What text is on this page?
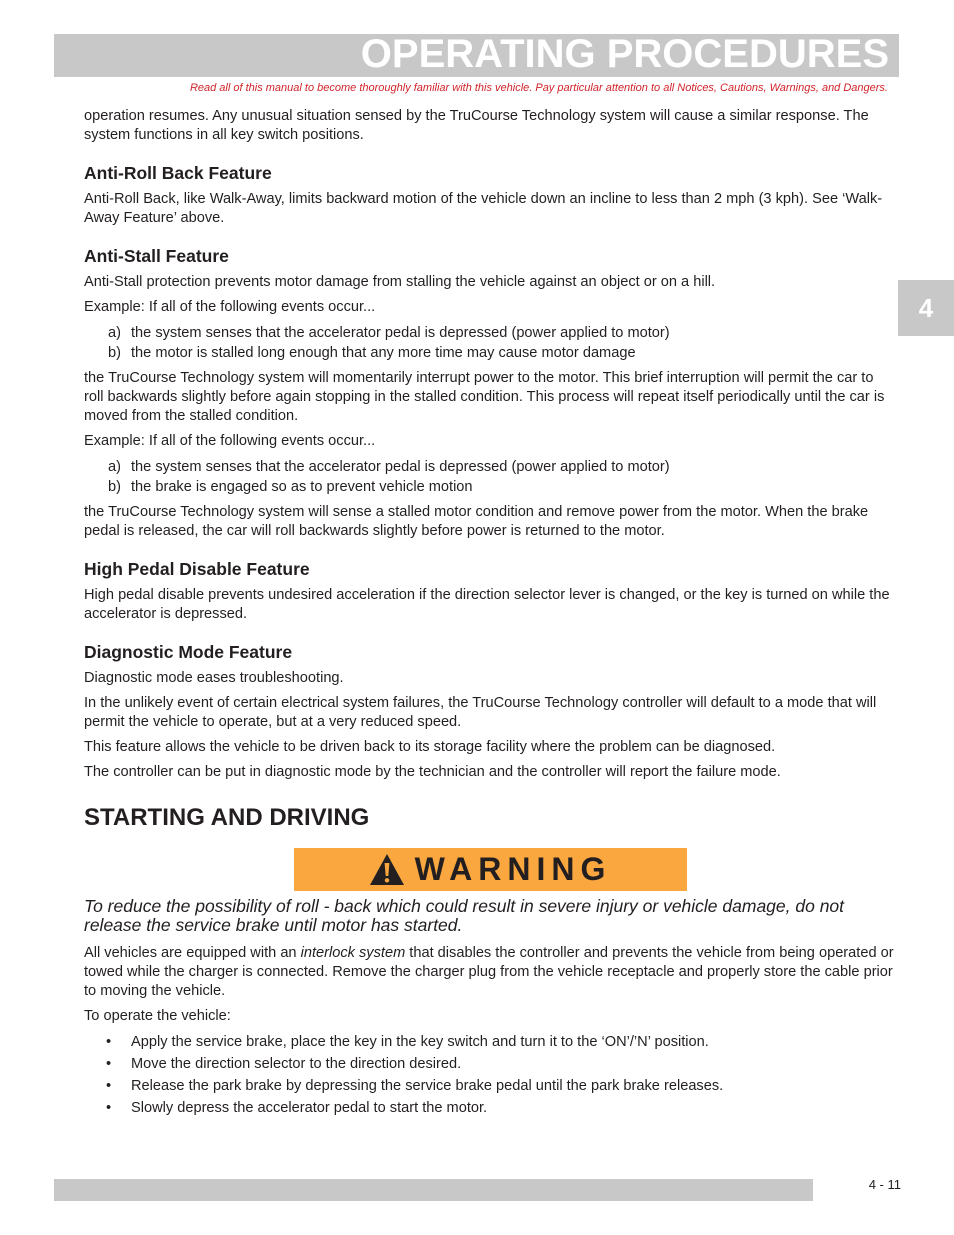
OPERATING PROCEDURES
Read all of this manual to become thoroughly familiar with this vehicle. Pay particular attention to all Notices, Cautions, Warnings, and Dangers.
4

operation resumes. Any unusual situation sensed by the TruCourse Technology system will cause a similar response. The system functions in all key switch positions.

Anti-Roll Back Feature

Anti-Roll Back, like Walk-Away, limits backward motion of the vehicle down an incline to less than 2 mph (3 kph). See ‘Walk-Away Feature’ above.

Anti-Stall Feature

Anti-Stall protection prevents motor damage from stalling the vehicle against an object or on a hill.

Example: If all of the following events occur...

a) the system senses that the accelerator pedal is depressed (power applied to motor)
b) the motor is stalled long enough that any more time may cause motor damage

the TruCourse Technology system will momentarily interrupt power to the motor. This brief interruption will permit the car to roll backwards slightly before again stopping in the stalled condition. This process will repeat itself periodically until the car is moved from the stalled condition.

Example: If all of the following events occur...

a) the system senses that the accelerator pedal is depressed (power applied to motor)
b) the brake is engaged so as to prevent vehicle motion

the TruCourse Technology system will sense a stalled motor condition and remove power from the motor. When the brake pedal is released, the car will roll backwards slightly before power is returned to the motor.

High Pedal Disable Feature

High pedal disable prevents undesired acceleration if the direction selector lever is changed, or the key is turned on while the accelerator is depressed.

Diagnostic Mode Feature

Diagnostic mode eases troubleshooting.

In the unlikely event of certain electrical system failures, the TruCourse Technology controller will default to a mode that will permit the vehicle to operate, but at a very reduced speed.

This feature allows the vehicle to be driven back to its storage facility where the problem can be diagnosed.

The controller can be put in diagnostic mode by the technician and the controller will report the failure mode.

STARTING AND DRIVING
WARNING

To reduce the possibility of roll - back which could result in severe injury or vehicle damage, do not release the service brake until motor has started.

All vehicles are equipped with an interlock system that disables the controller and prevents the vehicle from being operated or towed while the charger is connected. Remove the charger plug from the vehicle receptacle and properly store the cable prior to moving the vehicle.

To operate the vehicle:

• Apply the service brake, place the key in the key switch and turn it to the ‘ON’/’N’ position.
• Move the direction selector to the direction desired.
• Release the park brake by depressing the service brake pedal until the park brake releases.
• Slowly depress the accelerator pedal to start the motor.
4 - 11
